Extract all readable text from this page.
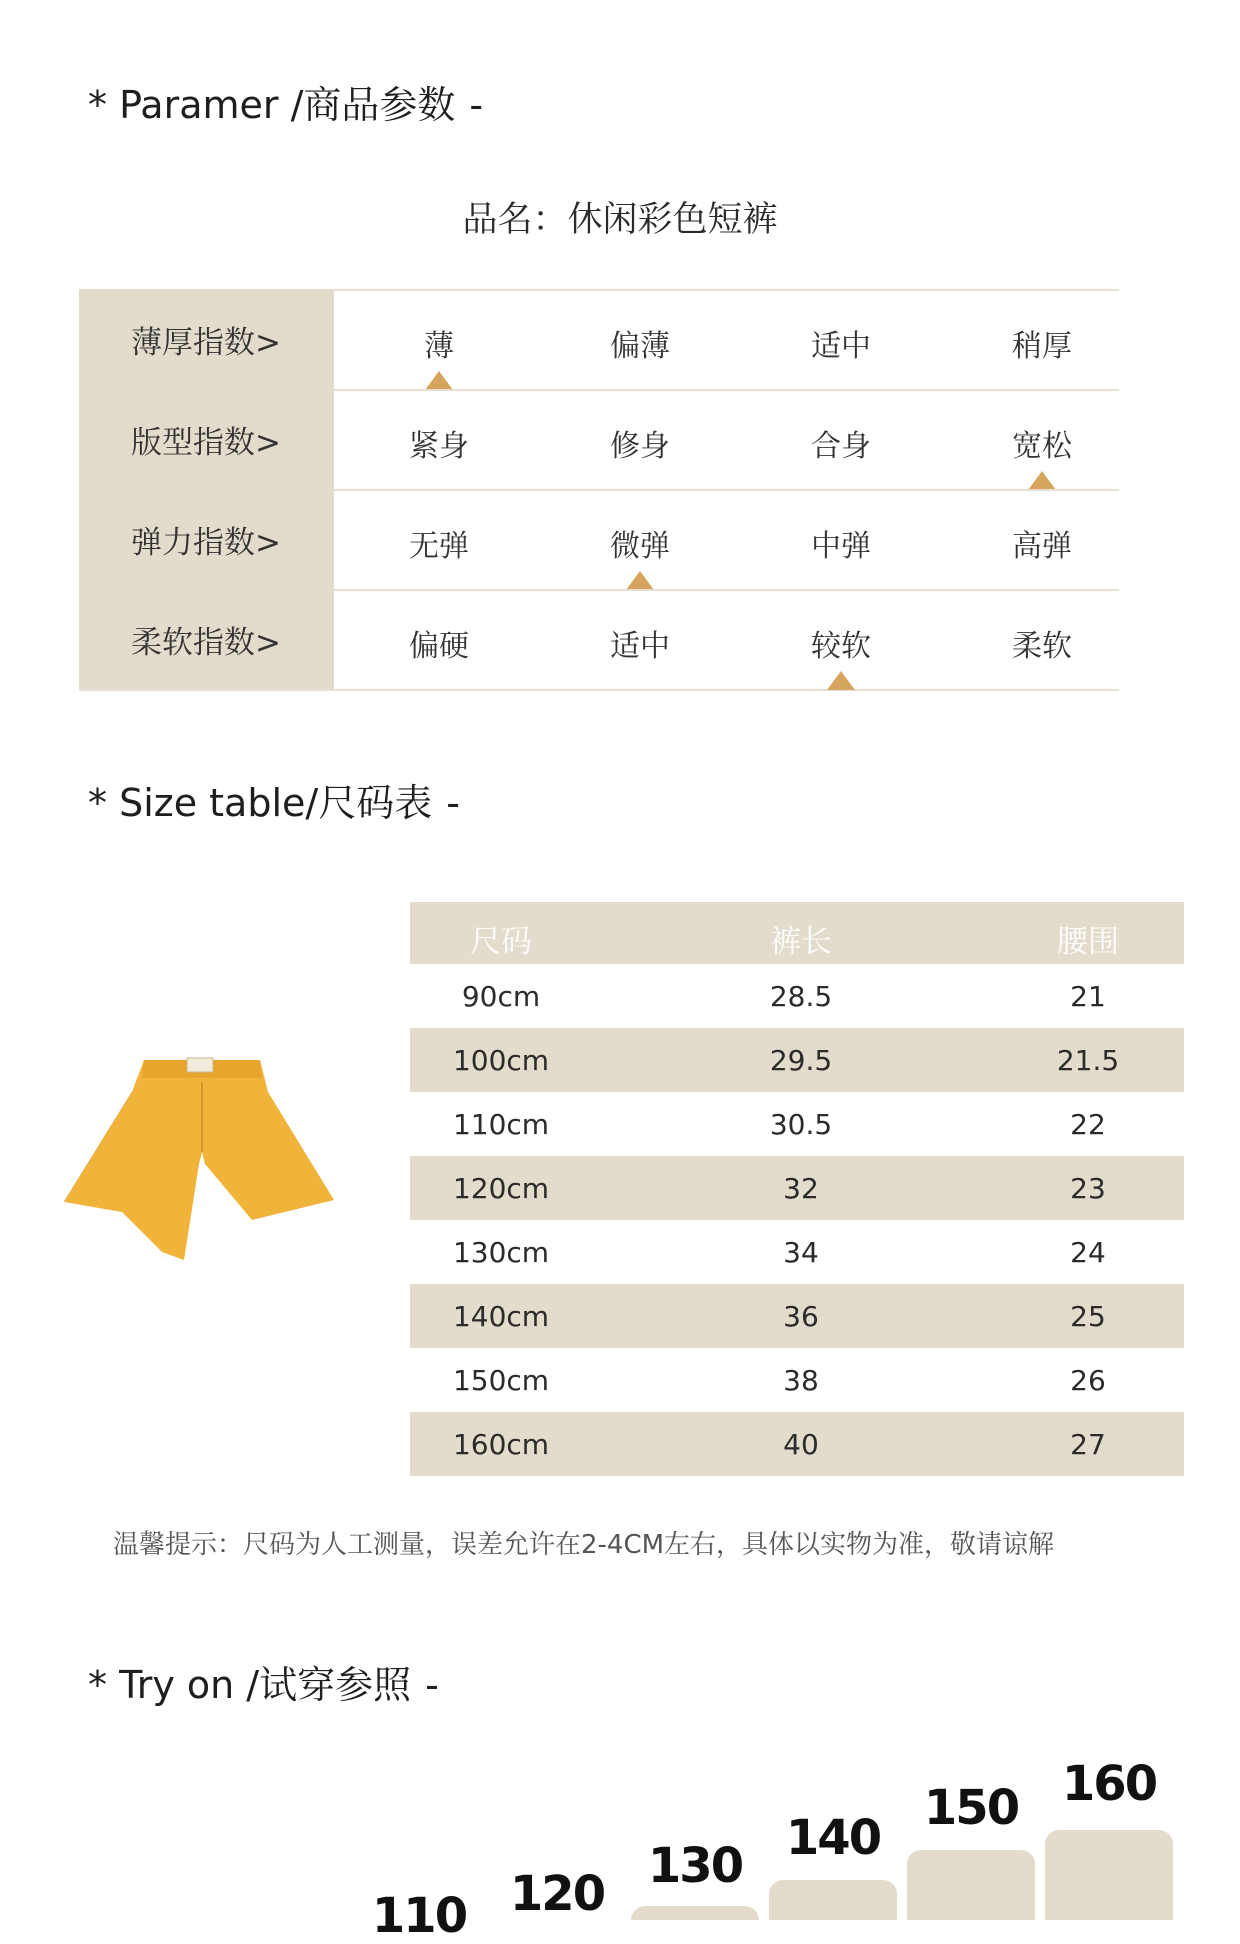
* Paramer /商品参数 -
品名：休闲彩色短裤
薄厚指数>	薄	偏薄	适中	稍厚
版型指数>	紧身	修身	合身	宽松
弹力指数>	无弹	微弹	中弹	高弹
柔软指数>	偏硬	适中	较软	柔软
* Size table/尺码表 -
尺码	裤长	腰围
90cm	28.5	21
100cm	29.5	21.5
110cm	30.5	22
120cm	32	23
130cm	34	24
140cm	36	25
150cm	38	26
160cm	40	27
温馨提示：尺码为人工测量，误差允许在2-4CM左右，具体以实物为准，敬请谅解
* Try on /试穿参照 -
110 120 130 140
150 160
